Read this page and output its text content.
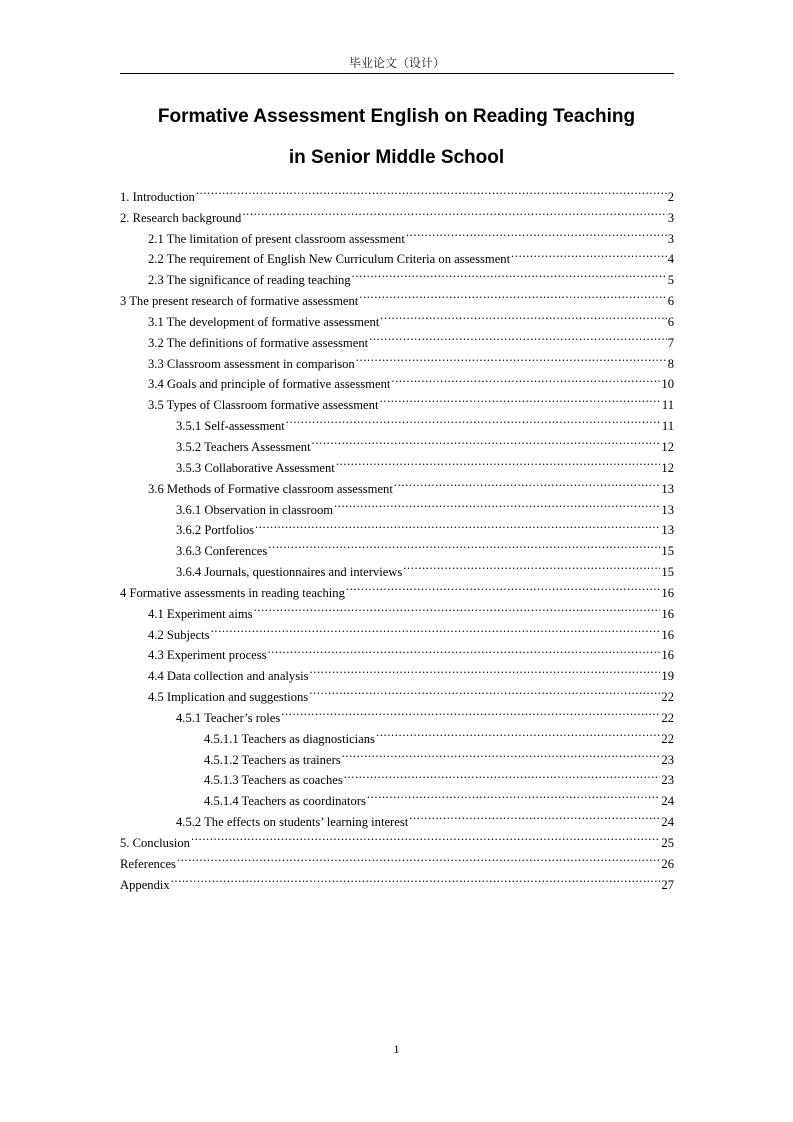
毕业论文（设计）
Formative Assessment English on Reading Teaching
in Senior Middle School
1. Introduction .....	2
2. Research background .....	3
2.1 The limitation of present classroom assessment .....	3
2.2 The requirement of English New Curriculum Criteria on assessment .....	4
2.3 The significance of reading teaching .....	5
3 The present research of formative assessment .....	6
3.1 The development of formative assessment .....	6
3.2 The definitions of formative assessment .....	7
3.3 Classroom assessment in comparison .....	8
3.4 Goals and principle of formative assessment .....	10
3.5 Types of Classroom formative assessment .....	11
3.5.1 Self-assessment .....	11
3.5.2 Teachers Assessment .....	12
3.5.3 Collaborative Assessment .....	12
3.6 Methods of Formative classroom assessment .....	13
3.6.1 Observation in classroom .....	13
3.6.2 Portfolios .....	13
3.6.3 Conferences .....	15
3.6.4 Journals, questionnaires and interviews .....	15
4 Formative assessments in reading teaching .....	16
4.1 Experiment aims .....	16
4.2 Subjects .....	16
4.3 Experiment process .....	16
4.4 Data collection and analysis .....	19
4.5 Implication and suggestions .....	22
4.5.1 Teacher’s roles .....	22
4.5.1.1 Teachers as diagnosticians .....	22
4.5.1.2 Teachers as trainers .....	23
4.5.1.3 Teachers as coaches .....	23
4.5.1.4 Teachers as coordinators .....	24
4.5.2 The effects on students’ learning interest .....	24
5. Conclusion .....	25
References .....	26
Appendix .....	27
1
